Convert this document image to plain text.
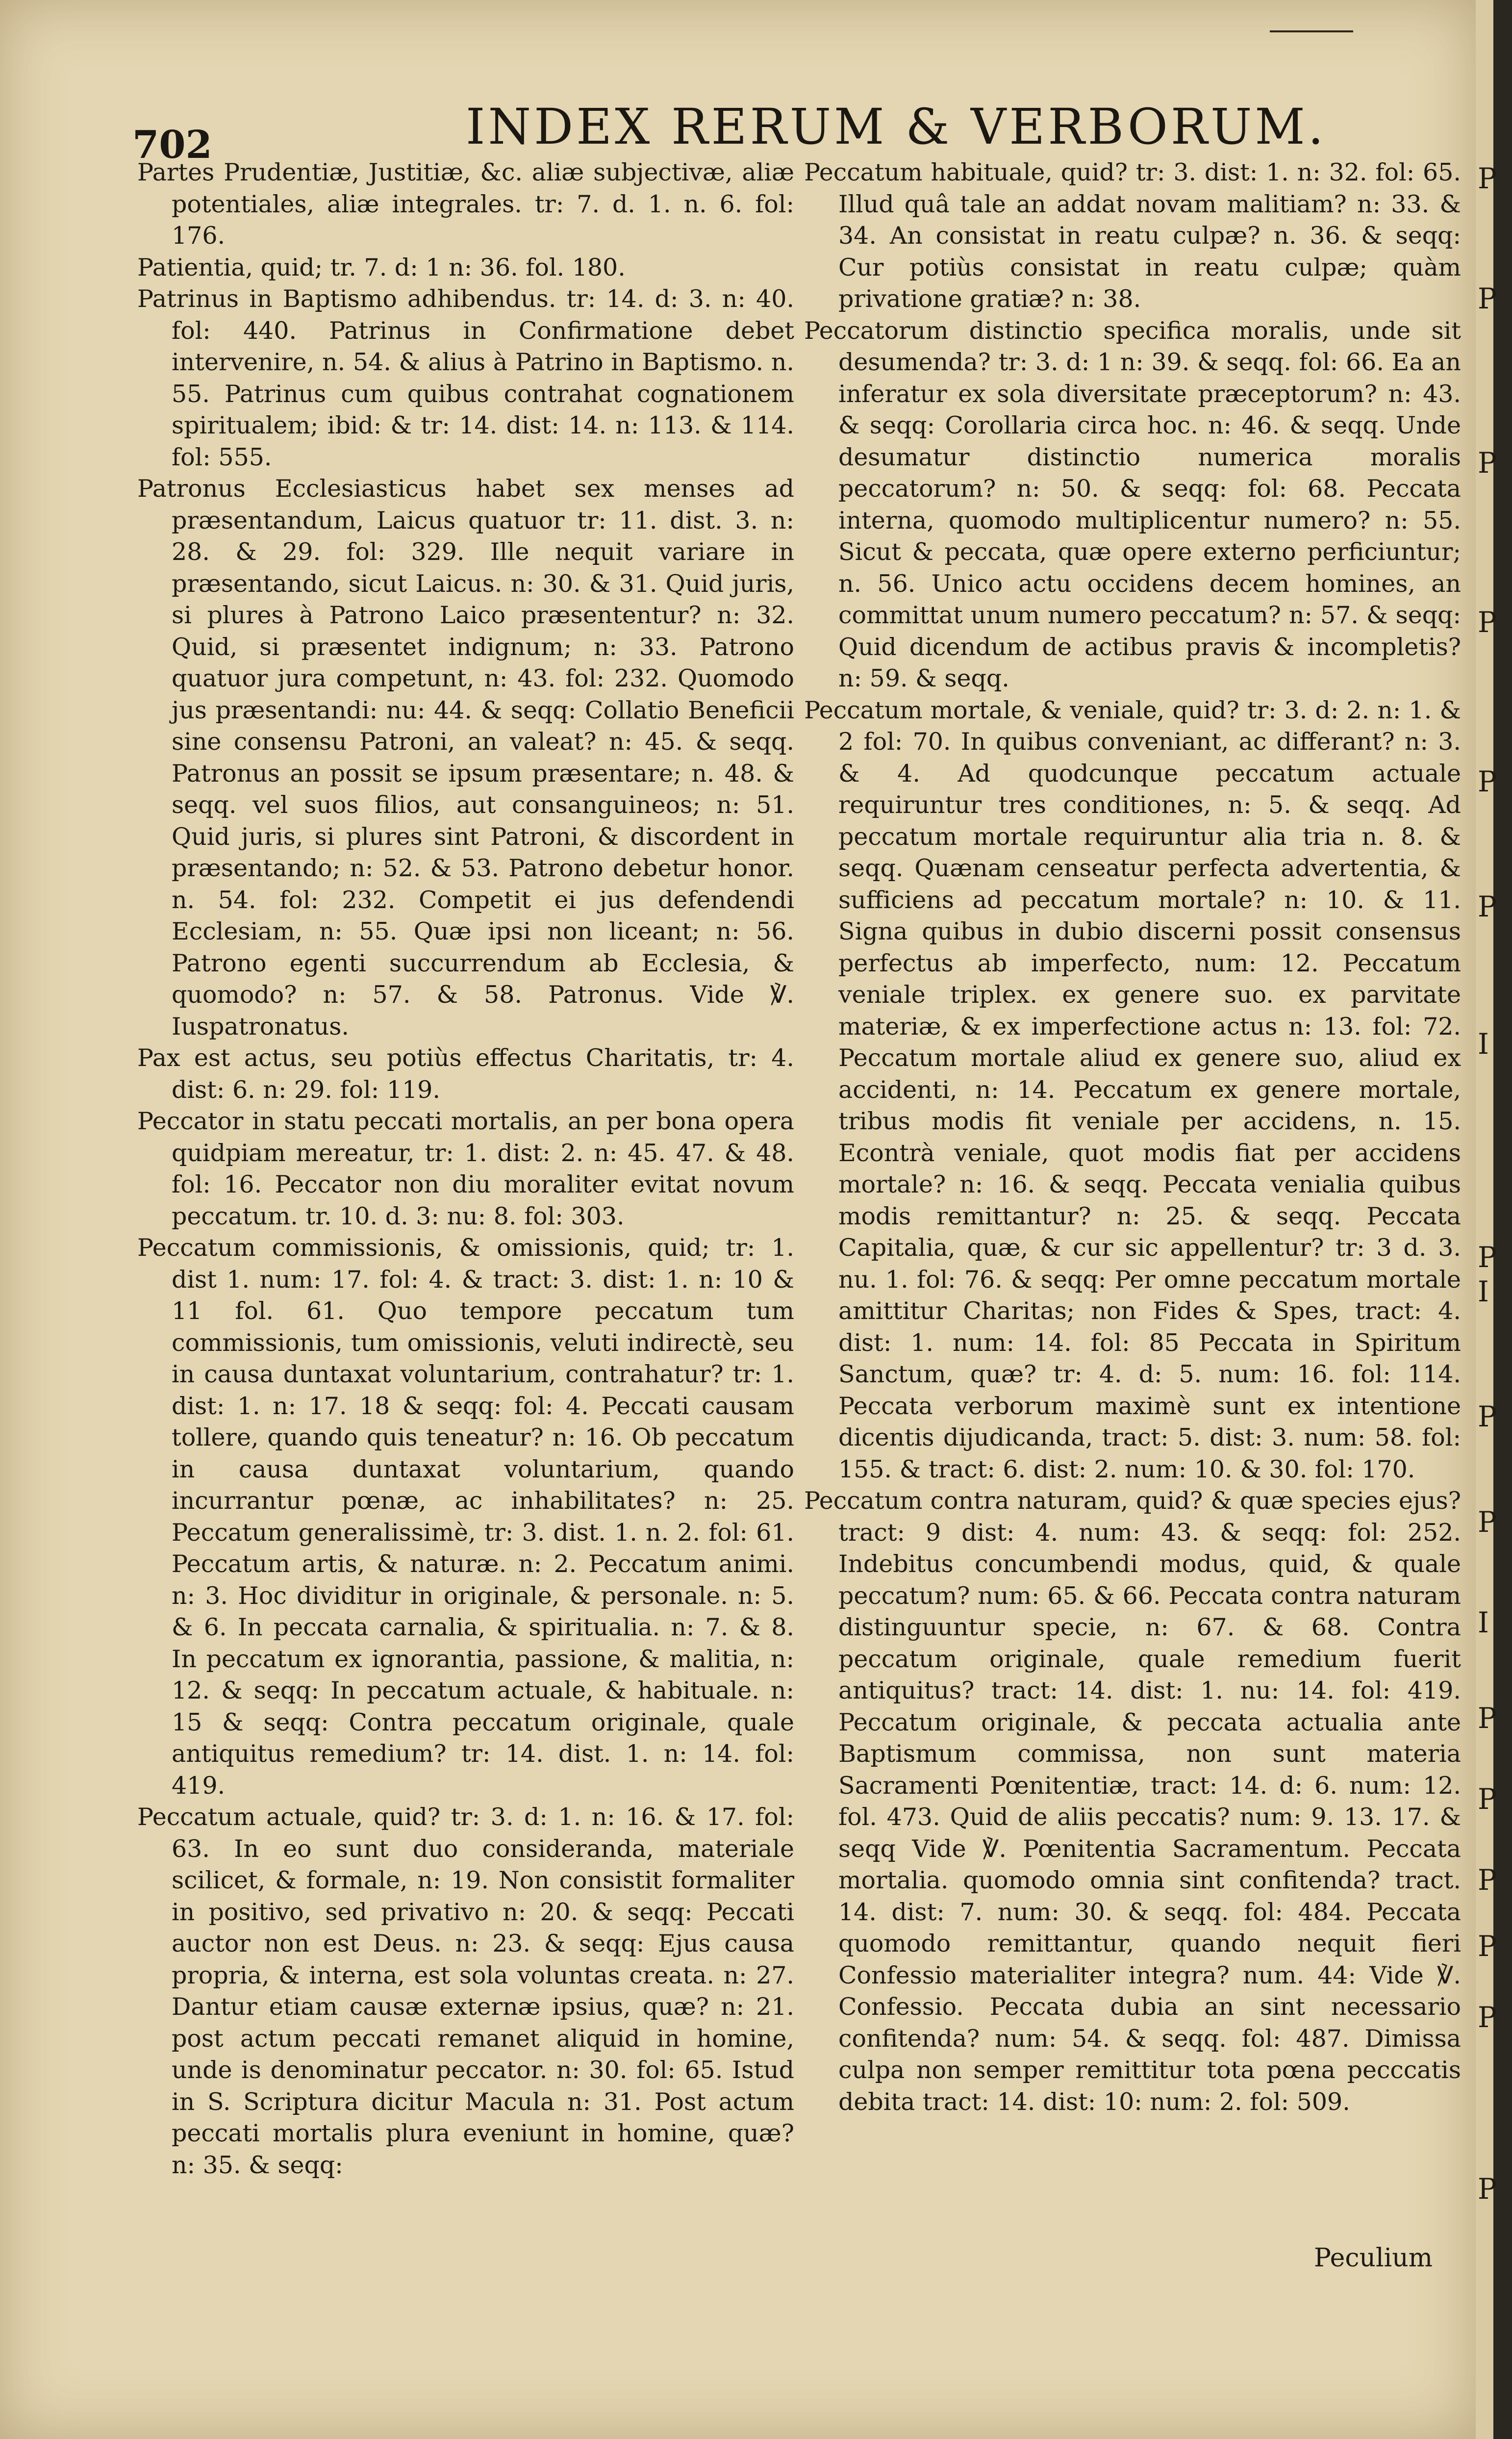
702	INDEX RERUM & VERBORUM.

Partes Prudentiæ, Justitiæ, &c. aliæ subjectivæ, aliæ potentiales, aliæ integrales. tr: 7. d. 1. n. 6. fol: 176.

Patientia, quid; tr. 7. d: 1 n: 36. fol. 180.

Patrinus in Baptismo adhibendus. tr: 14. d: 3. n: 40. fol: 440. Patrinus in Confirmatione debet intervenire, n. 54. & alius à Patrino in Baptismo. n. 55. Patrinus cum quibus contrahat cognationem spiritualem; ibid: & tr: 14. dist: 14. n: 113. & 114. fol: 555.

Patronus Ecclesiasticus habet sex menses ad præsentandum, Laicus quatuor tr: 11. dist. 3. n: 28. & 29. fol: 329. Ille nequit variare in præsentando, sicut Laicus. n: 30. & 31. Quid juris, si plures à Patrono Laico præsententur? n: 32. Quid, si præsentet indignum; n: 33. Patrono quatuor jura competunt, n: 43. fol: 232. Quomodo jus præsentandi: nu: 44. & seqq: Collatio Beneficii sine consensu Patroni, an valeat? n: 45. & seqq. Patronus an possit se ipsum præsentare; n. 48. & seqq. vel suos filios, aut consanguineos; n: 51. Quid juris, si plures sint Patroni, & discordent in præsentando; n: 52. & 53. Patrono debetur honor. n. 54. fol: 232. Competit ei jus defendendi Ecclesiam, n: 55. Quæ ipsi non liceant; n: 56. Patrono egenti succurrendum ab Ecclesia, & quomodo? n: 57. & 58. Patronus. Vide ℣. Iuspatronatus.

Pax est actus, seu potiùs effectus Charitatis, tr: 4. dist: 6. n: 29. fol: 119.

Peccator in statu peccati mortalis, an per bona opera quidpiam mereatur, tr: 1. dist: 2. n: 45. 47. & 48. fol: 16. Peccator non diu moraliter evitat novum peccatum. tr. 10. d. 3: nu: 8. fol: 303.

Peccatum commissionis, & omissionis, quid; tr: 1. dist 1. num: 17. fol: 4. & tract: 3. dist: 1. n: 10 & 11 fol. 61. Quo tempore peccatum tum commissionis, tum omissionis, veluti indirectè, seu in causa duntaxat voluntarium, contrahatur? tr: 1. dist: 1. n: 17. 18 & seqq: fol: 4. Peccati causam tollere, quando quis teneatur? n: 16. Ob peccatum in causa duntaxat voluntarium, quando incurrantur pœnæ, ac inhabilitates? n: 25. Peccatum generalissimè, tr: 3. dist. 1. n. 2. fol: 61. Peccatum artis, & naturæ. n: 2. Peccatum animi. n: 3. Hoc dividitur in originale, & personale. n: 5. & 6. In peccata carnalia, & spiritualia. n: 7. & 8. In peccatum ex ignorantia, passione, & malitia, n: 12. & seqq: In peccatum actuale, & habituale. n: 15 & seqq: Contra peccatum originale, quale antiquitus remedium? tr: 14. dist. 1. n: 14. fol: 419.

Peccatum actuale, quid? tr: 3. d: 1. n: 16. & 17. fol: 63. In eo sunt duo consideranda, materiale scilicet, & formale, n: 19. Non consistit formaliter in positivo, sed privativo n: 20. & seqq: Peccati auctor non est Deus. n: 23. & seqq: Ejus causa propria, & interna, est sola voluntas creata. n: 27. Dantur etiam causæ externæ ipsius, quæ? n: 21. post actum peccati remanet aliquid in homine, unde is denominatur peccator. n: 30. fol: 65. Istud in S. Scriptura dicitur Macula n: 31. Post actum peccati mortalis plura eveniunt in homine, quæ? n: 35. & seqq:

Peccatum habituale, quid? tr: 3. dist: 1. n: 32. fol: 65. Illud quâ tale an addat novam malitiam? n: 33. & 34. An consistat in reatu culpæ? n. 36. & seqq: Cur potiùs consistat in reatu culpæ; quàm privatione gratiæ? n: 38.

Peccatorum distinctio specifica moralis, unde sit desumenda? tr: 3. d: 1 n: 39. & seqq. fol: 66. Ea an inferatur ex sola diversitate præceptorum? n: 43. & seqq: Corollaria circa hoc. n: 46. & seqq. Unde desumatur distinctio numerica moralis peccatorum? n: 50. & seqq: fol: 68. Peccata interna, quomodo multiplicentur numero? n: 55. Sicut & peccata, quæ opere externo perficiuntur; n. 56. Unico actu occidens decem homines, an committat unum numero peccatum? n: 57. & seqq: Quid dicendum de actibus pravis & incompletis? n: 59. & seqq.

Peccatum mortale, & veniale, quid? tr: 3. d: 2. n: 1. & 2 fol: 70. In quibus conveniant, ac differant? n: 3. & 4. Ad quodcunque peccatum actuale requiruntur tres conditiones, n: 5. & seqq. Ad peccatum mortale requiruntur alia tria n. 8. & seqq. Quænam censeatur perfecta advertentia, & sufficiens ad peccatum mortale? n: 10. & 11. Signa quibus in dubio discerni possit consensus perfectus ab imperfecto, num: 12. Peccatum veniale triplex. ex genere suo. ex parvitate materiæ, & ex imperfectione actus n: 13. fol: 72. Peccatum mortale aliud ex genere suo, aliud ex accidenti, n: 14. Peccatum ex genere mortale, tribus modis fit veniale per accidens, n. 15. Econtrà veniale, quot modis fiat per accidens mortale? n: 16. & seqq. Peccata venialia quibus modis remittantur? n: 25. & seqq. Peccata Capitalia, quæ, & cur sic appellentur? tr: 3 d. 3. nu. 1. fol: 76. & seqq: Per omne peccatum mortale amittitur Charitas; non Fides & Spes, tract: 4. dist: 1. num: 14. fol: 85 Peccata in Spiritum Sanctum, quæ? tr: 4. d: 5. num: 16. fol: 114. Peccata verborum maximè sunt ex intentione dicentis dijudicanda, tract: 5. dist: 3. num: 58. fol: 155. & tract: 6. dist: 2. num: 10. & 30. fol: 170.

Peccatum contra naturam, quid? & quæ species ejus? tract: 9 dist: 4. num: 43. & seqq: fol: 252. Indebitus concumbendi modus, quid, & quale peccatum? num: 65. & 66. Peccata contra naturam distinguuntur specie, n: 67. & 68. Contra peccatum originale, quale remedium fuerit antiquitus? tract: 14. dist: 1. nu: 14. fol: 419. Peccatum originale, & peccata actualia ante Baptismum commissa, non sunt materia Sacramenti Pœnitentiæ, tract: 14. d: 6. num: 12. fol. 473. Quid de aliis peccatis? num: 9. 13. 17. & seqq Vide ℣. Pœnitentia Sacramentum. Peccata mortalia. quomodo omnia sint confitenda? tract. 14. dist: 7. num: 30. & seqq. fol: 484. Peccata quomodo remittantur, quando nequit fieri Confessio materialiter integra? num. 44: Vide ℣. Confessio. Peccata dubia an sint necessario confitenda? num: 54. & seqq. fol: 487. Dimissa culpa non semper remittitur tota pœna pecccatis debita tract: 14. dist: 10: num: 2. fol: 509.

Peculium
P
P
P
P
P
P
I
P
I
P
P
I
P
P
P
P
P
P
